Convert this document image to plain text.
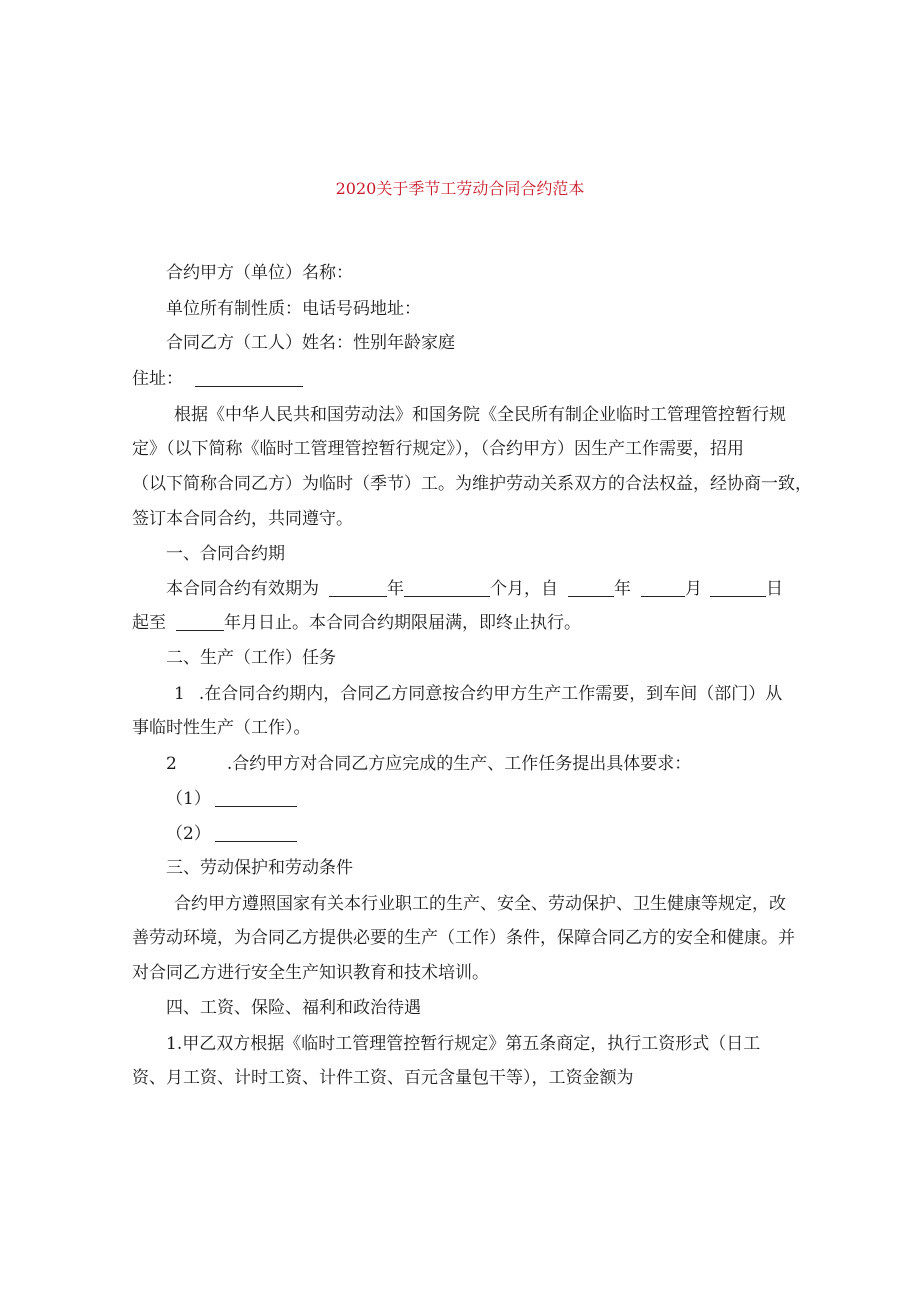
2020关于季节工劳动合同合约范本
合约甲方（单位）名称：
单位所有制性质：电话号码地址：
合同乙方（工人）姓名：性别年龄家庭
住址：
根据《中华人民共和国劳动法》和国务院《全民所有制企业临时工管理管控暂行规
定》（以下简称《临时工管理管控暂行规定》），（合约甲方）因生产工作需要，招用
（以下简称合同乙方）为临时（季节）工。为维护劳动关系双方的合法权益，经协商一致，
签订本合同合约，共同遵守。
一、合同合约期
本合同合约有效期为	年	个月，自	年	月	日
起至	年月日止。本合同合约期限届满，即终止执行。
二、生产（工作）任务
1 .在合同合约期内，合同乙方同意按合约甲方生产工作需要，到车间（部门）从
事临时性生产（工作）。
2	.合约甲方对合同乙方应完成的生产、工作任务提出具体要求：
（1）
（2）
三、劳动保护和劳动条件
合约甲方遵照国家有关本行业职工的生产、安全、劳动保护、卫生健康等规定，改
善劳动环境，为合同乙方提供必要的生产（工作）条件，保障合同乙方的安全和健康。并
对合同乙方进行安全生产知识教育和技术培训。
四、工资、保险、福利和政治待遇
1.甲乙双方根据《临时工管理管控暂行规定》第五条商定，执行工资形式（日工
资、月工资、计时工资、计件工资、百元含量包干等），工资金额为
